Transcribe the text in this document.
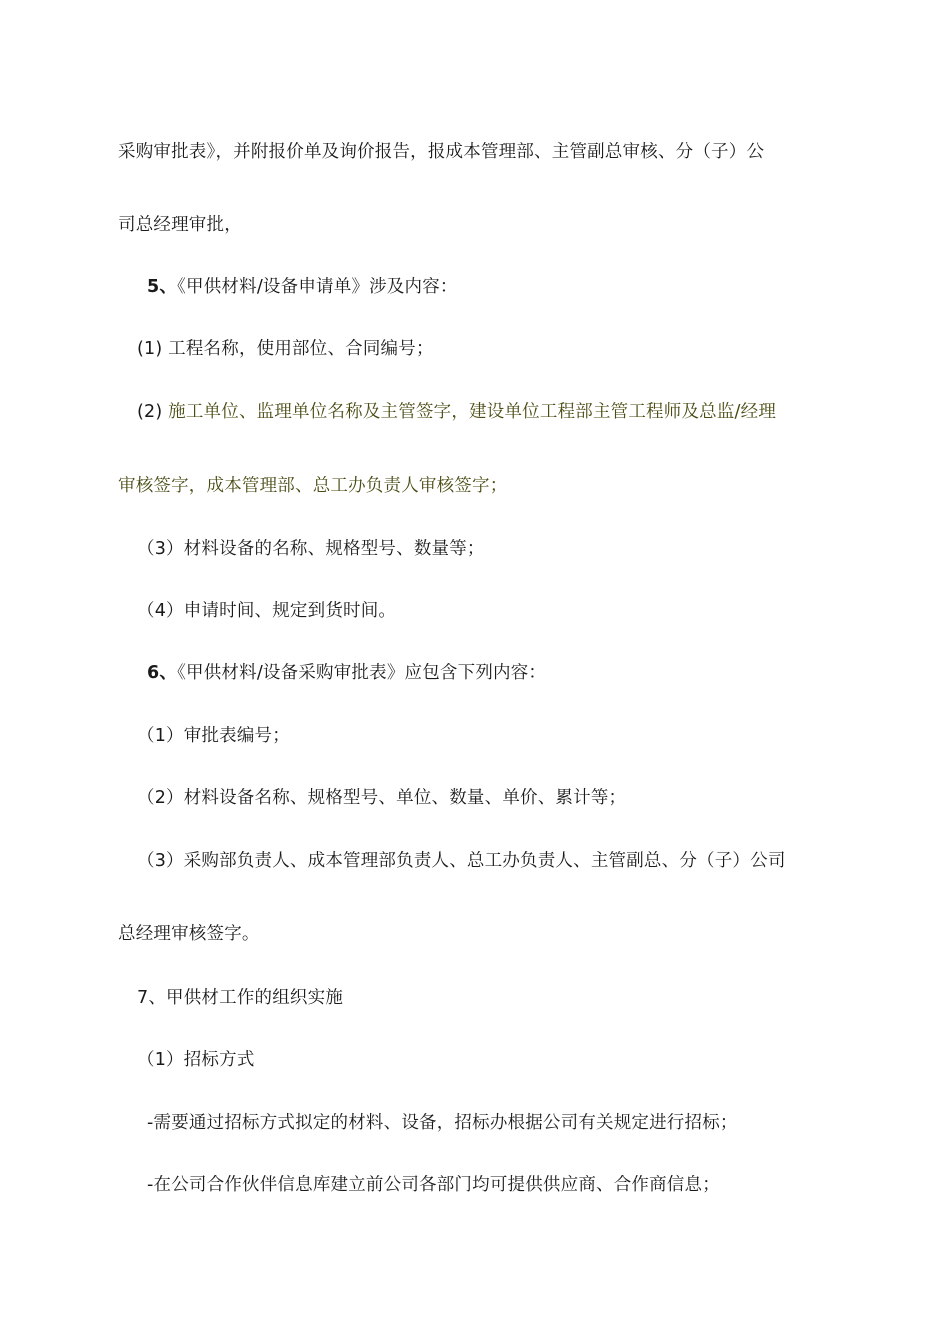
采购审批表》，并附报价单及询价报告，报成本管理部、主管副总审核、分（子）公
司总经理审批，
5、《甲供材料/设备申请单》涉及内容：
(1) 工程名称，使用部位、合同编号；
(2) 施工单位、监理单位名称及主管签字，建设单位工程部主管工程师及总监/经理
审核签字，成本管理部、总工办负责人审核签字；
（3）材料设备的名称、规格型号、数量等；
（4）申请时间、规定到货时间。
6、《甲供材料/设备采购审批表》应包含下列内容：
（1）审批表编号；
（2）材料设备名称、规格型号、单位、数量、单价、累计等；
（3）采购部负责人、成本管理部负责人、总工办负责人、主管副总、分（子）公司
总经理审核签字。
7、甲供材工作的组织实施
（1）招标方式
-需要通过招标方式拟定的材料、设备，招标办根据公司有关规定进行招标；
-在公司合作伙伴信息库建立前公司各部门均可提供供应商、合作商信息；
